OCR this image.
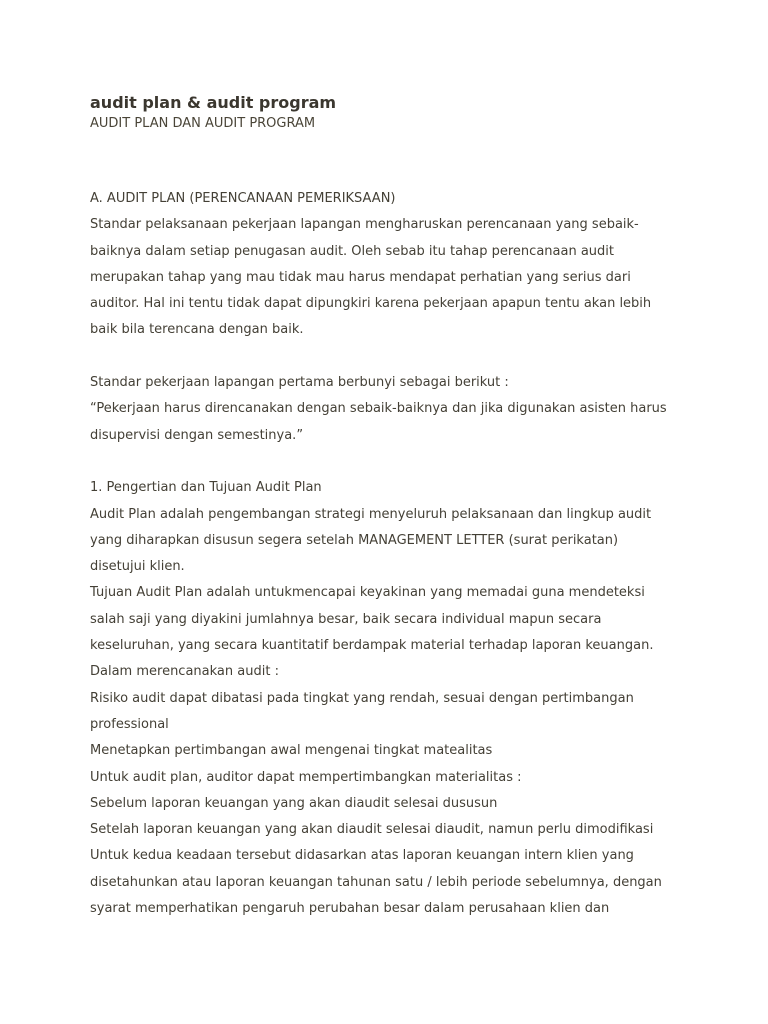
audit plan & audit program

AUDIT PLAN DAN AUDIT PROGRAM

A. AUDIT PLAN (PERENCANAAN PEMERIKSAAN)

Standar pelaksanaan pekerjaan lapangan mengharuskan perencanaan yang sebaik-

baiknya dalam setiap penugasan audit. Oleh sebab itu tahap perencanaan audit

merupakan tahap yang mau tidak mau harus mendapat perhatian yang serius dari

auditor. Hal ini tentu tidak dapat dipungkiri karena pekerjaan apapun tentu akan lebih

baik bila terencana dengan baik.

Standar pekerjaan lapangan pertama berbunyi sebagai berikut :

“Pekerjaan harus direncanakan dengan sebaik-baiknya dan jika digunakan asisten harus

disupervisi dengan semestinya.”

1. Pengertian dan Tujuan Audit Plan

Audit Plan adalah pengembangan strategi menyeluruh pelaksanaan dan lingkup audit

yang diharapkan disusun segera setelah MANAGEMENT LETTER (surat perikatan)

disetujui klien.

Tujuan Audit Plan adalah untukmencapai keyakinan yang memadai guna mendeteksi

salah saji yang diyakini jumlahnya besar, baik secara individual mapun secara

keseluruhan, yang secara kuantitatif berdampak material terhadap laporan keuangan.

Dalam merencanakan audit :

Risiko audit dapat dibatasi pada tingkat yang rendah, sesuai dengan pertimbangan

professional

Menetapkan pertimbangan awal mengenai tingkat matealitas

Untuk audit plan, auditor dapat mempertimbangkan materialitas :

Sebelum laporan keuangan yang akan diaudit selesai dususun

Setelah laporan keuangan yang akan diaudit selesai diaudit, namun perlu dimodifikasi

Untuk kedua keadaan tersebut didasarkan atas laporan keuangan intern klien yang

disetahunkan atau laporan keuangan tahunan satu / lebih periode sebelumnya, dengan

syarat memperhatikan pengaruh perubahan besar dalam perusahaan klien dan
